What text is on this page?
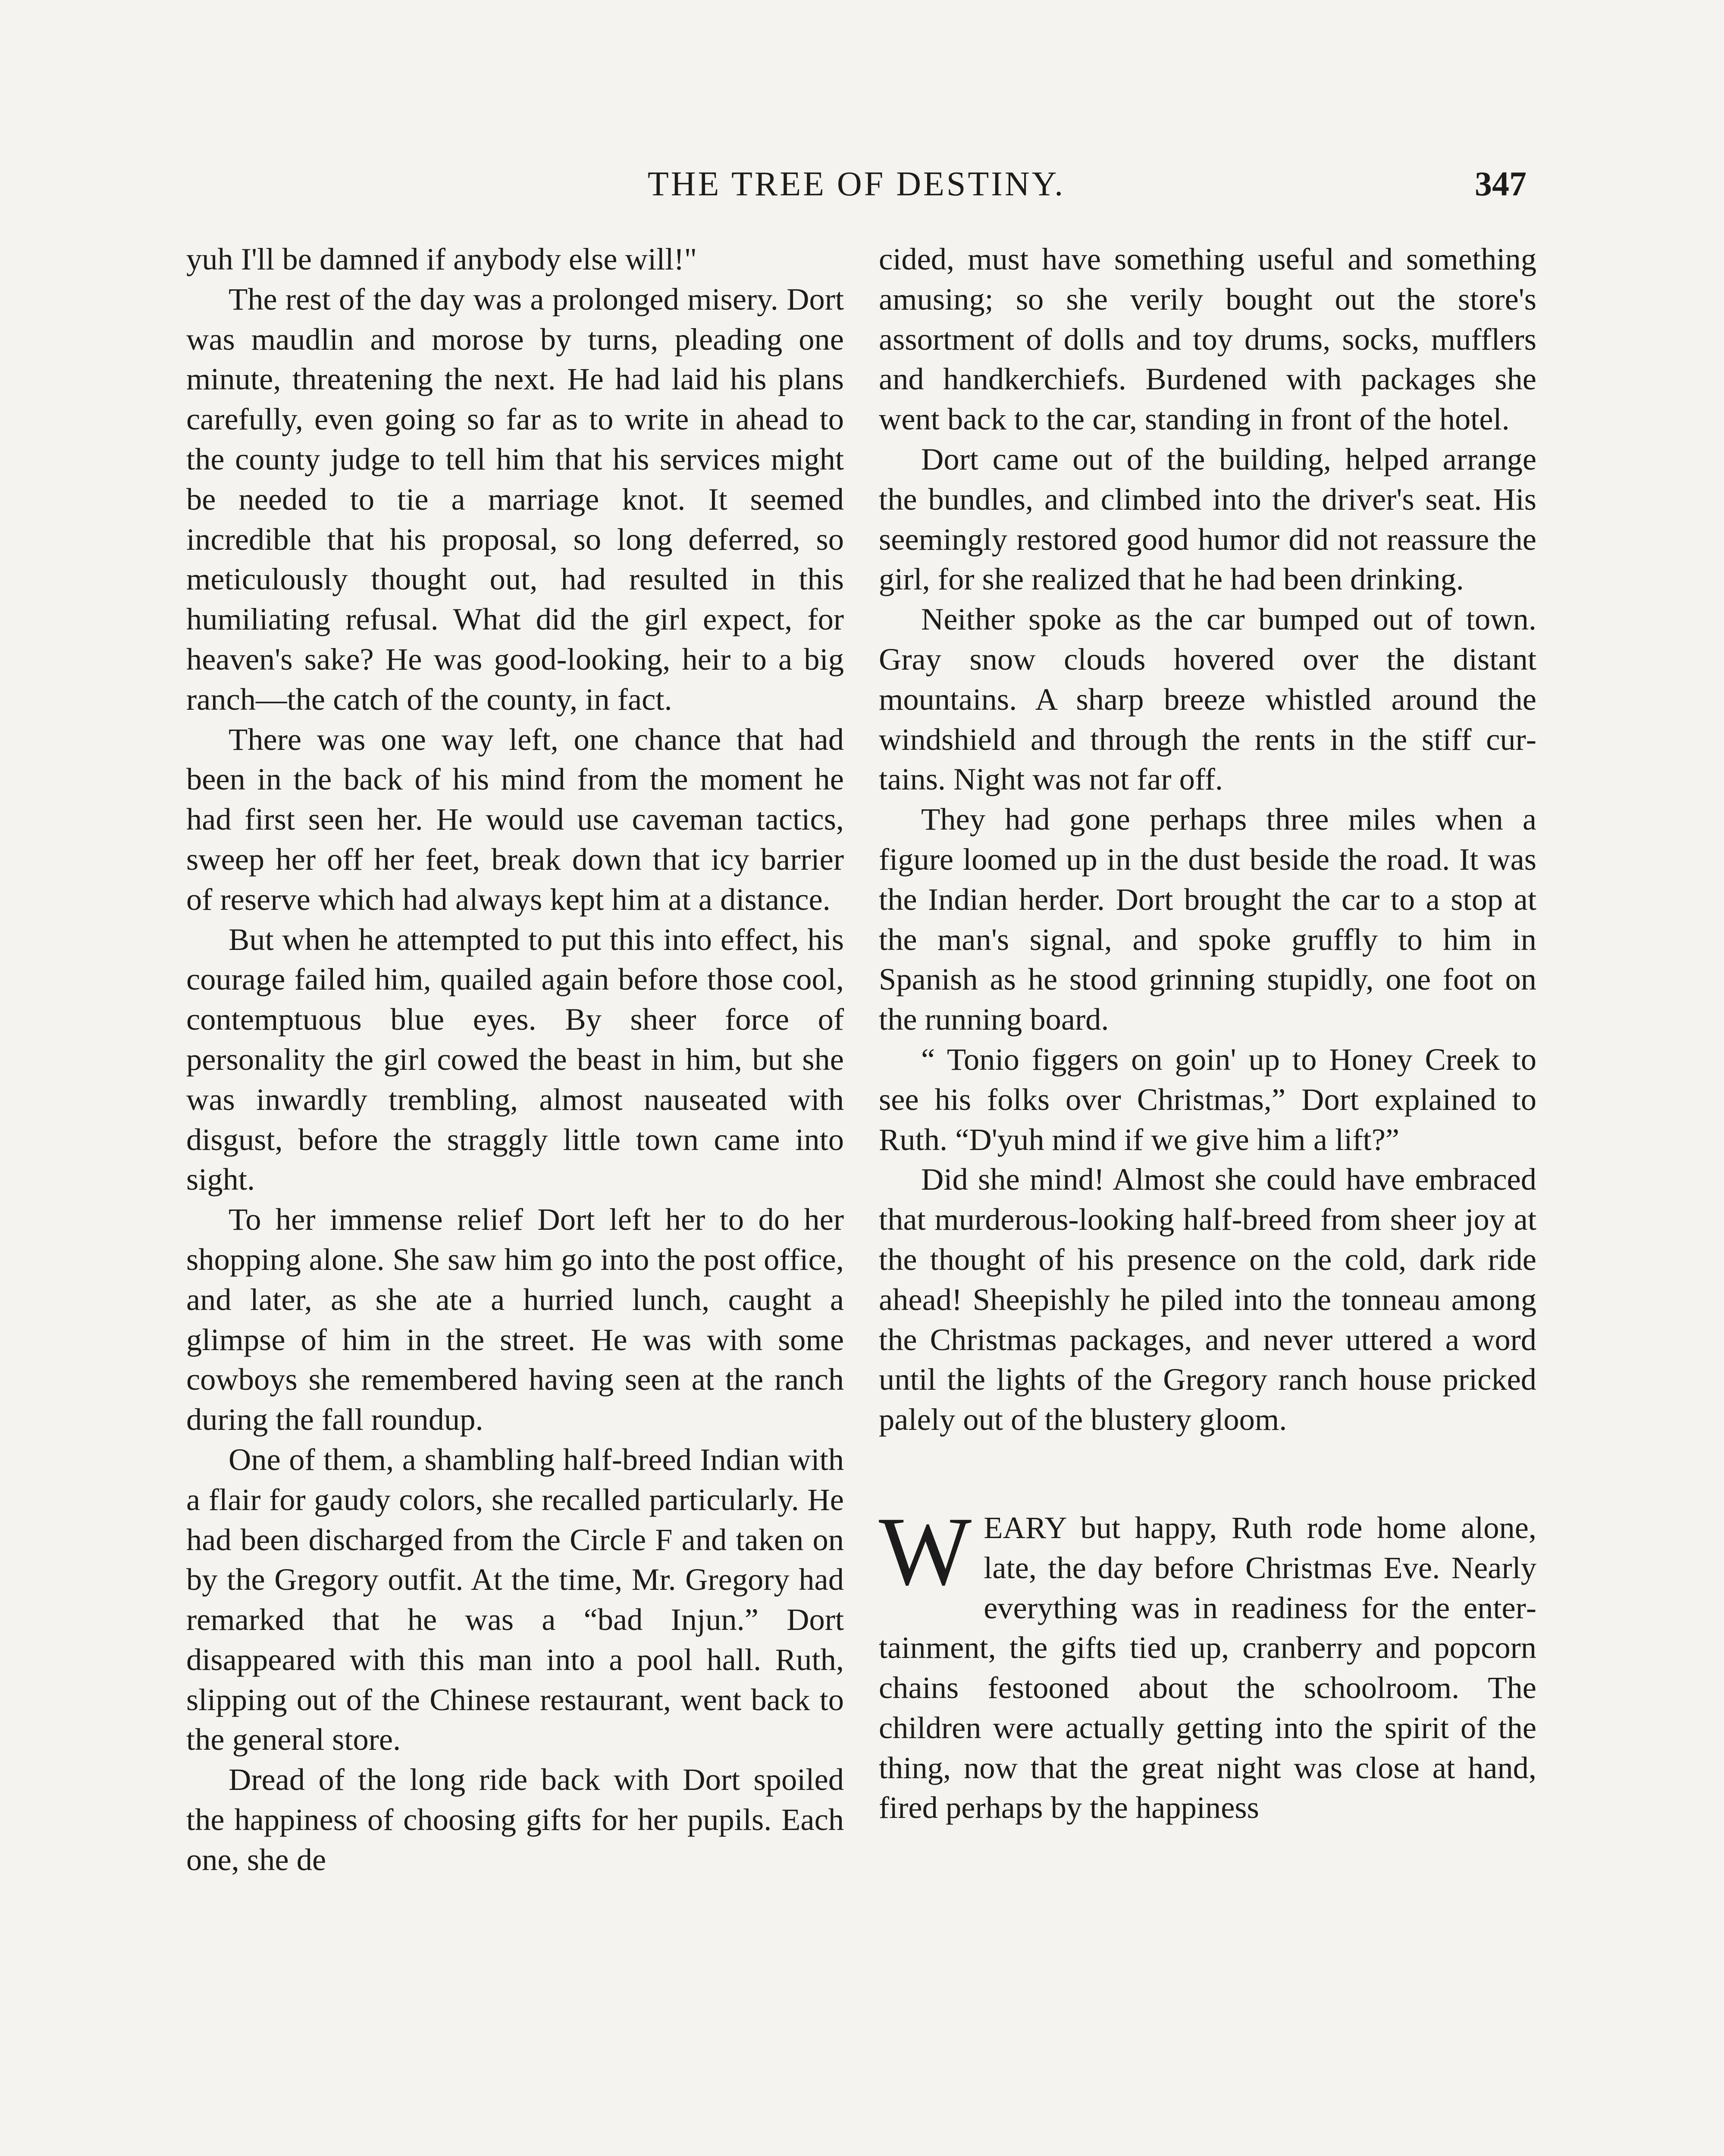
THE TREE OF DESTINY.	347

yuh I'll be damned if anybody else will!"

The rest of the day was a prolonged misery. Dort was maudlin and morose by turns, pleading one minute, threatening the next. He had laid his plans carefully, even going so far as to write in ahead to the county judge to tell him that his services might be needed to tie a marriage knot. It seemed incredible that his proposal, so long deferred, so meticulously thought out, had resulted in this humiliating refusal. What did the girl expect, for heaven's sake? He was good-looking, heir to a big ranch—the catch of the county, in fact.

There was one way left, one chance that had been in the back of his mind from the moment he had first seen her. He would use caveman tactics, sweep her off her feet, break down that icy barrier of reserve which had always kept him at a distance.

But when he attempted to put this into effect, his courage failed him, quailed again before those cool, contemptuous blue eyes. By sheer force of personality the girl cowed the beast in him, but she was inwardly trembling, almost nauseated with disgust, before the straggly little town came into sight.

To her immense relief Dort left her to do her shopping alone. She saw him go into the post office, and later, as she ate a hurried lunch, caught a glimpse of him in the street. He was with some cowboys she remembered having seen at the ranch during the fall roundup.

One of them, a shambling half-breed Indian with a flair for gaudy colors, she recalled particularly. He had been discharged from the Circle F and taken on by the Gregory outfit. At the time, Mr. Gregory had remarked that he was a “bad Injun.” Dort disappeared with this man into a pool hall. Ruth, slipping out of the Chinese restaurant, went back to the general store.

Dread of the long ride back with Dort spoiled the happiness of choosing gifts for her pupils. Each one, she de

cided, must have something useful and something amusing; so she verily bought out the store's assortment of dolls and toy drums, socks, mufflers and handkerchiefs. Burdened with packages she went back to the car, standing in front of the hotel.

Dort came out of the building, helped arrange the bundles, and climbed into the driver's seat. His seemingly restored good humor did not reassure the girl, for she realized that he had been drinking.

Neither spoke as the car bumped out of town. Gray snow clouds hovered over the distant mountains. A sharp breeze whistled around the windshield and through the rents in the stiff curtains. Night was not far off.

They had gone perhaps three miles when a figure loomed up in the dust beside the road. It was the Indian herder. Dort brought the car to a stop at the man's signal, and spoke gruffly to him in Spanish as he stood grinning stupidly, one foot on the running board.

“ Tonio figgers on goin' up to Honey Creek to see his folks over Christmas,” Dort explained to Ruth. “D'yuh mind if we give him a lift?”

Did she mind! Almost she could have embraced that murderous-looking half-breed from sheer joy at the thought of his presence on the cold, dark ride ahead! Sheepishly he piled into the tonneau among the Christmas packages, and never uttered a word until the lights of the Gregory ranch house pricked palely out of the blustery gloom.

WEARY but happy, Ruth rode home alone, late, the day before Christmas Eve. Nearly everything was in readiness for the entertainment, the gifts tied up, cranberry and popcorn chains festooned about the schoolroom. The children were actually getting into the spirit of the thing, now that the great night was close at hand, fired perhaps by the happiness
